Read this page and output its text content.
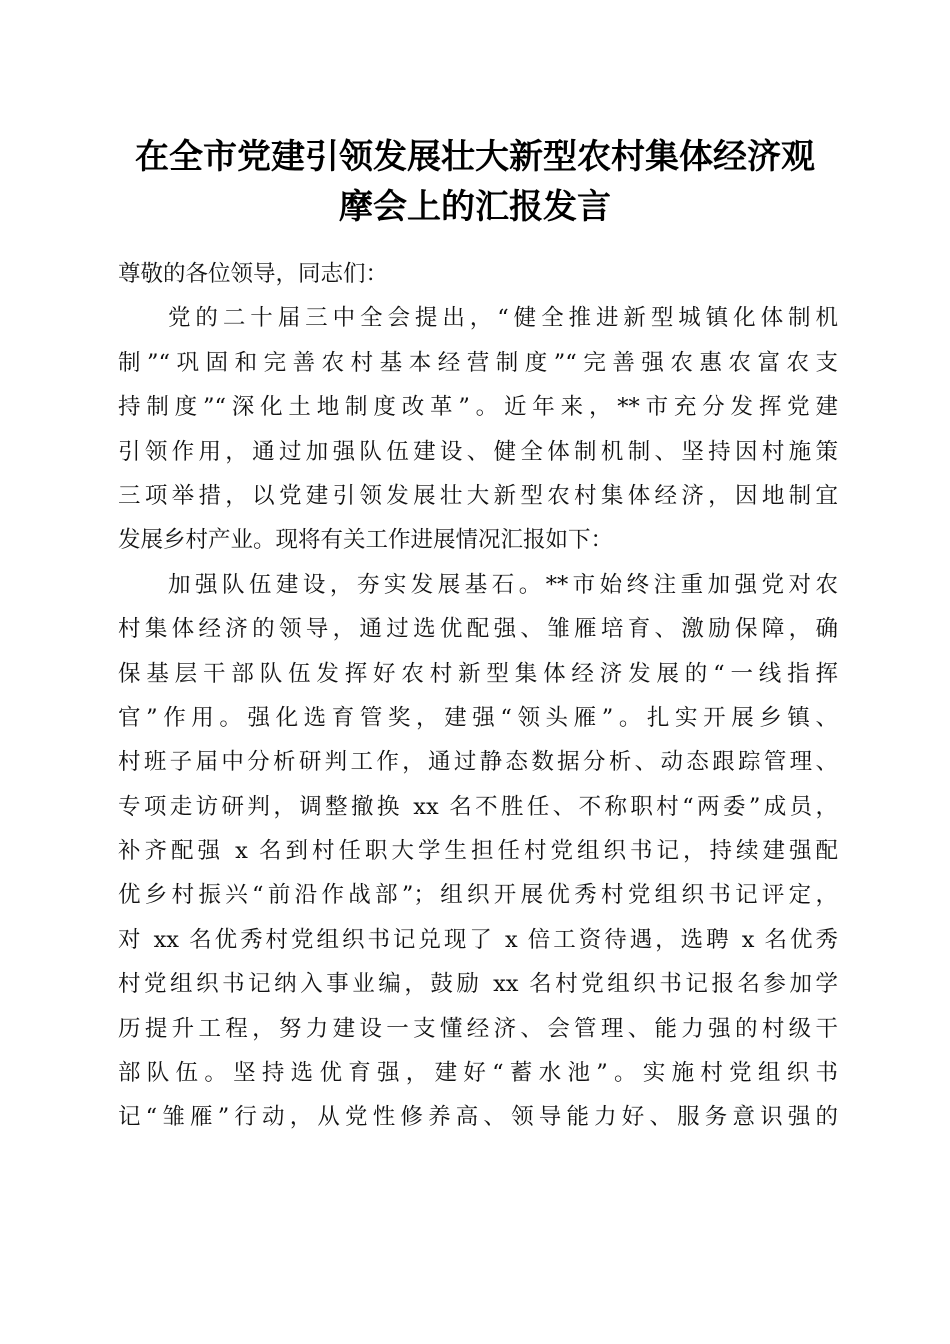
在全市党建引领发展壮大新型农村集体经济观
摩会上的汇报发言
尊敬的各位领导，同志们：
党的二十届三中全会提出，“健全推进新型城镇化体制机
制”“巩固和完善农村基本经营制度”“完善强农惠农富农支
持制度”“深化土地制度改革”。近年来，**市充分发挥党建
引领作用，通过加强队伍建设、健全体制机制、坚持因村施策
三项举措，以党建引领发展壮大新型农村集体经济，因地制宜
发展乡村产业。现将有关工作进展情况汇报如下：
加强队伍建设，夯实发展基石。**市始终注重加强党对农
村集体经济的领导，通过选优配强、雏雁培育、激励保障，确
保基层干部队伍发挥好农村新型集体经济发展的“一线指挥
官”作用。强化选育管奖，建强“领头雁”。扎实开展乡镇、
村班子届中分析研判工作，通过静态数据分析、动态跟踪管理、
专项走访研判，调整撤换 xx 名不胜任、不称职村“两委”成员，
补齐配强 x 名到村任职大学生担任村党组织书记，持续建强配
优乡村振兴“前沿作战部”；组织开展优秀村党组织书记评定，
对 xx 名优秀村党组织书记兑现了 x 倍工资待遇，选聘 x 名优秀
村党组织书记纳入事业编，鼓励 xx 名村党组织书记报名参加学
历提升工程，努力建设一支懂经济、会管理、能力强的村级干
部队伍。坚持选优育强，建好“蓄水池”。实施村党组织书
记“雏雁”行动，从党性修养高、领导能力好、服务意识强的
